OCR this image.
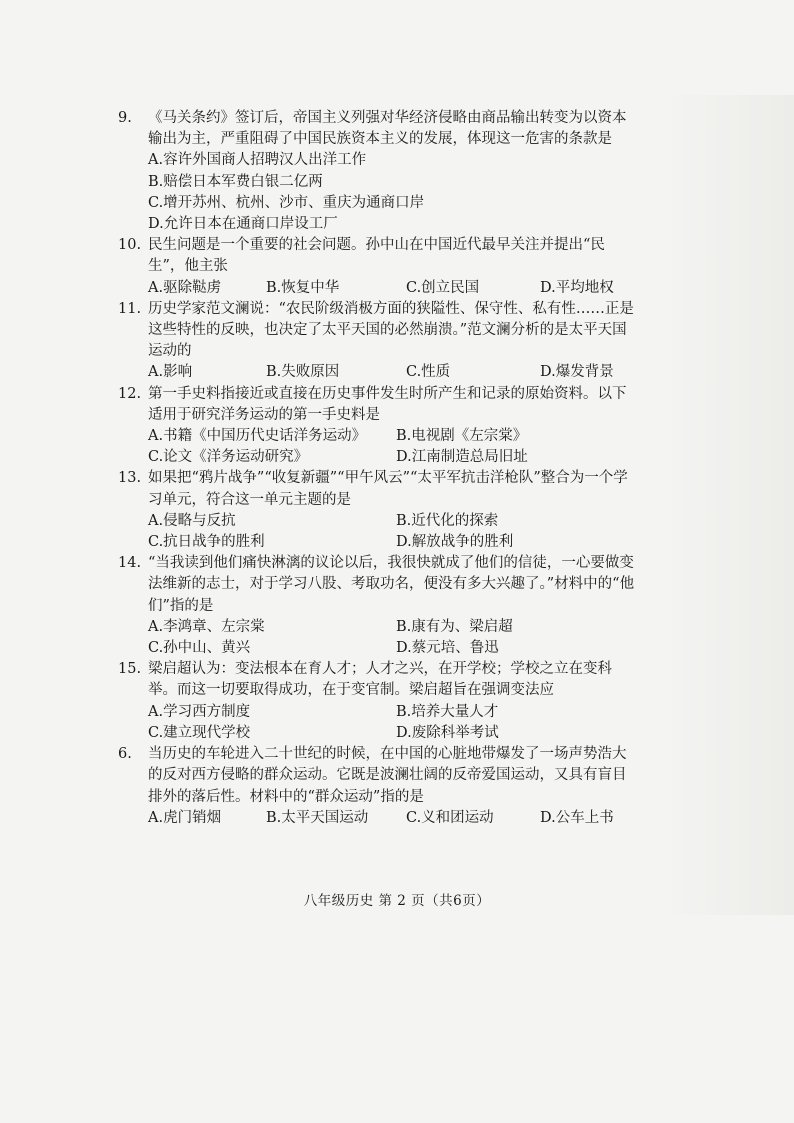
9. 《马关条约》签订后，帝国主义列强对华经济侵略由商品输出转变为以资本输出为主，严重阻碍了中国民族资本主义的发展，体现这一危害的条款是
A.容许外国商人招聘汉人出洋工作
B.赔偿日本军费白银二亿两
C.增开苏州、杭州、沙市、重庆为通商口岸
D.允许日本在通商口岸设工厂
10. 民生问题是一个重要的社会问题。孙中山在中国近代最早关注并提出“民生”，他主张
A.驱除鞑虏	B.恢复中华	C.创立民国	D.平均地权
11. 历史学家范文澜说：“农民阶级消极方面的狭隘性、保守性、私有性……正是这些特性的反映，也决定了太平天国的必然崩溃。”范文澜分析的是太平天国运动的
A.影响	B.失败原因	C.性质	D.爆发背景
12. 第一手史料指接近或直接在历史事件发生时所产生和记录的原始资料。以下适用于研究洋务运动的第一手史料是
A.书籍《中国历代史话洋务运动》	B.电视剧《左宗棠》
C.论文《洋务运动研究》	D.江南制造总局旧址
13. 如果把“鸦片战争”“收复新疆”“甲午风云”“太平军抗击洋枪队”整合为一个学习单元，符合这一单元主题的是
A.侵略与反抗	B.近代化的探索
C.抗日战争的胜利	D.解放战争的胜利
14. “当我读到他们痛快淋漓的议论以后，我很快就成了他们的信徒，一心要做变法维新的志士，对于学习八股、考取功名，便没有多大兴趣了。”材料中的“他们”指的是
A.李鸿章、左宗棠	B.康有为、梁启超
C.孙中山、黄兴	D.蔡元培、鲁迅
15. 梁启超认为：变法根本在育人才；人才之兴，在开学校；学校之立在变科举。而这一切要取得成功，在于变官制。梁启超旨在强调变法应
A.学习西方制度	B.培养大量人才
C.建立现代学校	D.废除科举考试
6. 当历史的车轮进入二十世纪的时候，在中国的心脏地带爆发了一场声势浩大的反对西方侵略的群众运动。它既是波澜壮阔的反帝爱国运动，又具有盲目排外的落后性。材料中的“群众运动”指的是
A.虎门销烟	B.太平天国运动	C.义和团运动	D.公车上书
八年级历史 第 2 页（共6页）
